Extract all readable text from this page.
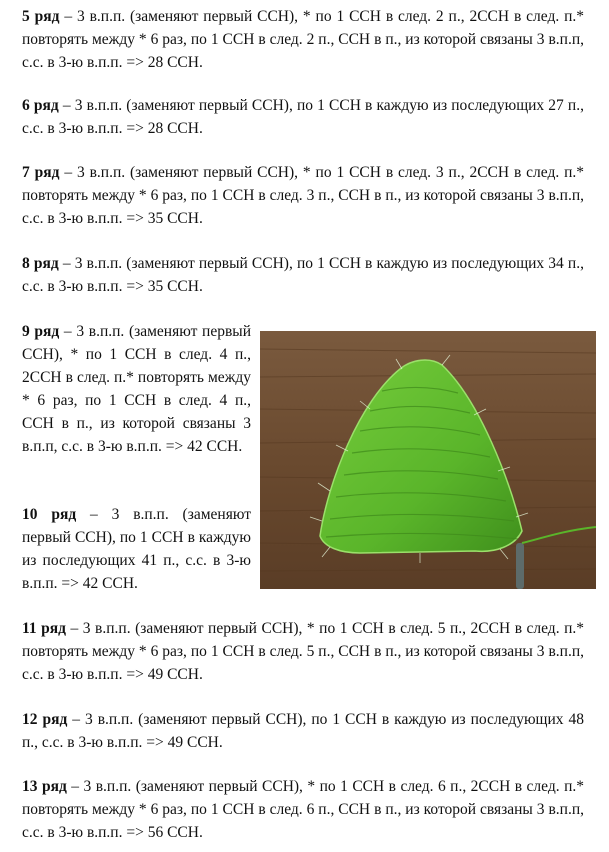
5 ряд – 3 в.п.п. (заменяют первый ССН), * по 1 ССН в след. 2 п., 2ССН в след. п.* повторять между * 6 раз, по 1 ССН в след. 2 п., ССН в п., из которой связаны 3 в.п.п, с.с. в 3-ю в.п.п. => 28 ССН.

6 ряд – 3 в.п.п. (заменяют первый ССН), по 1 ССН в каждую из последующих 27 п., с.с. в 3-ю в.п.п. => 28 ССН.

7 ряд – 3 в.п.п. (заменяют первый ССН), * по 1 ССН в след. 3 п., 2ССН в след. п.* повторять между * 6 раз, по 1 ССН в след. 3 п., ССН в п., из которой связаны 3 в.п.п, с.с. в 3-ю в.п.п. => 35 ССН.

8 ряд – 3 в.п.п. (заменяют первый ССН), по 1 ССН в каждую из последующих 34 п., с.с. в 3-ю в.п.п. => 35 ССН.

9 ряд – 3 в.п.п. (заменяют первый ССН), * по 1 ССН в след. 4 п., 2ССН в след. п.* повторять между * 6 раз, по 1 ССН в след. 4 п., ССН в п., из которой связаны 3 в.п.п, с.с. в 3-ю в.п.п. => 42 ССН.

10 ряд – 3 в.п.п. (заменяют первый ССН), по 1 ССН в каждую из последующих 41 п., с.с. в 3-ю в.п.п. => 42 ССН.

11 ряд – 3 в.п.п. (заменяют первый ССН), * по 1 ССН в след. 5 п., 2ССН в след. п.* повторять между * 6 раз, по 1 ССН в след. 5 п., ССН в п., из которой связаны 3 в.п.п, с.с. в 3-ю в.п.п. => 49 ССН.

12 ряд – 3 в.п.п. (заменяют первый ССН), по 1 ССН в каждую из последующих 48 п., с.с. в 3-ю в.п.п. => 49 ССН.

13 ряд – 3 в.п.п. (заменяют первый ССН), * по 1 ССН в след. 6 п., 2ССН в след. п.* повторять между * 6 раз, по 1 ССН в след. 6 п., ССН в п., из которой связаны 3 в.п.п, с.с. в 3-ю в.п.п. => 56 ССН.
